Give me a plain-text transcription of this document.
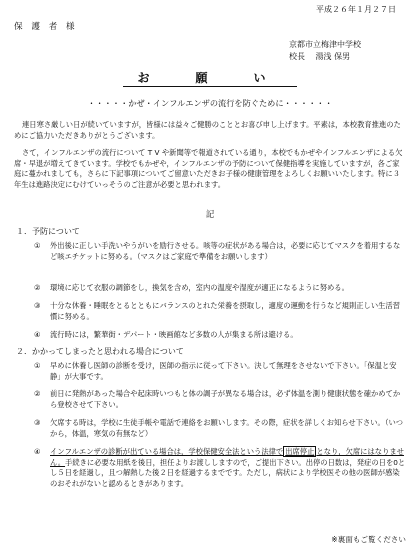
平成２６年１月２７日
保 護 者 様
京都市立梅津中学校
校長　 湯浅 保男
お　願　い
・・・・・かぜ・インフルエンザの流行を防ぐために・・・・・・
連日寒さ厳しい日が続いていますが，皆様には益々ご健勝のこととお喜び申し上げます。平素は，本校教育推進のためにご協力いただきありがとうございます。
さて，インフルエンザの流行について T V や新聞等で報道されている通り，本校でもかぜやインフルエンザによる欠席・早退が増えてきています。学校でもかぜや，インフルエンザの予防について保健指導を実施していますが，各ご家庭に蔓かれましても，さらに下記事項についてご留意いただきお子様の健康管理をよろしくお願いいたします。特に３年生は進路決定にむけていっそうのご注意が必要と思われます。
記
１．予防について
① 外出後に正しい手洗いやうがいを励行させる。咳等の症状がある場合は，必要に応じてマスクを着用するなど咳エチケットに努める。（マスクはご家庭で準備をお願いします）
② 環境に応じて衣服の調節をし，換気を含め，室内の温度や湿度が適正になるように努める。
③ 十分な休養・睡眠をとるとともにバランスのとれた栄養を摂取し，適度の運動を行うなど規則正しい生活習慣に努める。
④ 流行時には，繁華街・デパート・映画館など多数の人が集まる所は避ける。
２．かかってしまったと思われる場合について
① 早めに休養し医師の診断を受け，医師の指示に従って下さい。決して無理をさせないで下さい。「保温と安静」が大事です。
② 前日に発熱があった場合や起床時いつもと体の調子が異なる場合は，必ず体温を測り健康状態を確かめてから登校させて下さい。
③ 欠席する時は，学校に生徒手帳や電話で連絡をお願いします。その際，症状を詳しくお知らせ下さい。（いつから，体温，寒気の有無など）
④ インフルエンザの診断が出ている場合は，学校保健安全法という法律で 出席停止 となり，欠席にはなりません。手続きに必要な用紙を後日，担任よりお渡ししますので，ご提出下さい。出停の日数は，発症の日を0とし５日を経過し，且つ解熱した後２日を経過するまでです。ただし，病状により学校医その他の医師が感染のおそれがないと認めるときがあります。
※裏面もご覧ください
